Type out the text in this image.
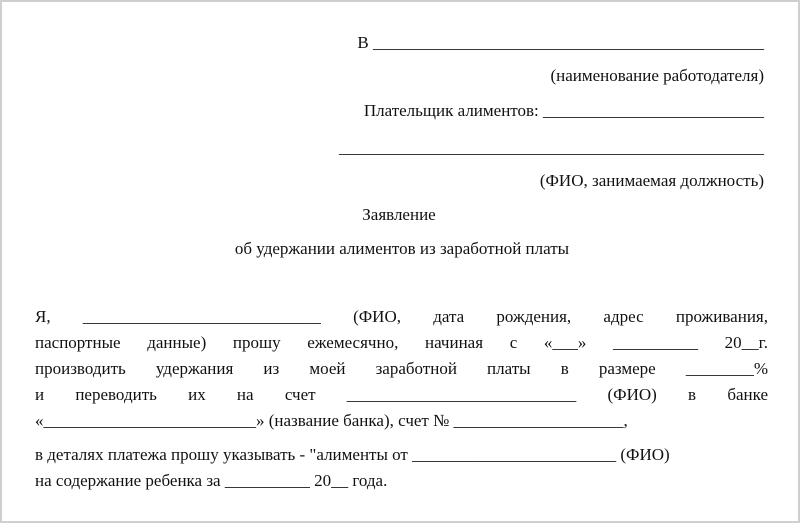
В ______________________________________________
(наименование работодателя)
Плательщик алиментов: __________________________
__________________________________________________
(ФИО, занимаемая должность)
Заявление
об удержании алиментов из заработной платы
Я, ____________________________ (ФИО, дата рождения, адрес проживания,
паспортные данные) прошу ежемесячно, начиная с «___» __________ 20__г.
производить удержания из моей заработной платы в размере ________%
и переводить их на счет ___________________________ (ФИО) в банке
«_________________________» (название банка), счет № ____________________,
в деталях платежа прошу указывать - "алименты от ________________________ (ФИО)
на содержание ребенка за __________ 20__ года.
